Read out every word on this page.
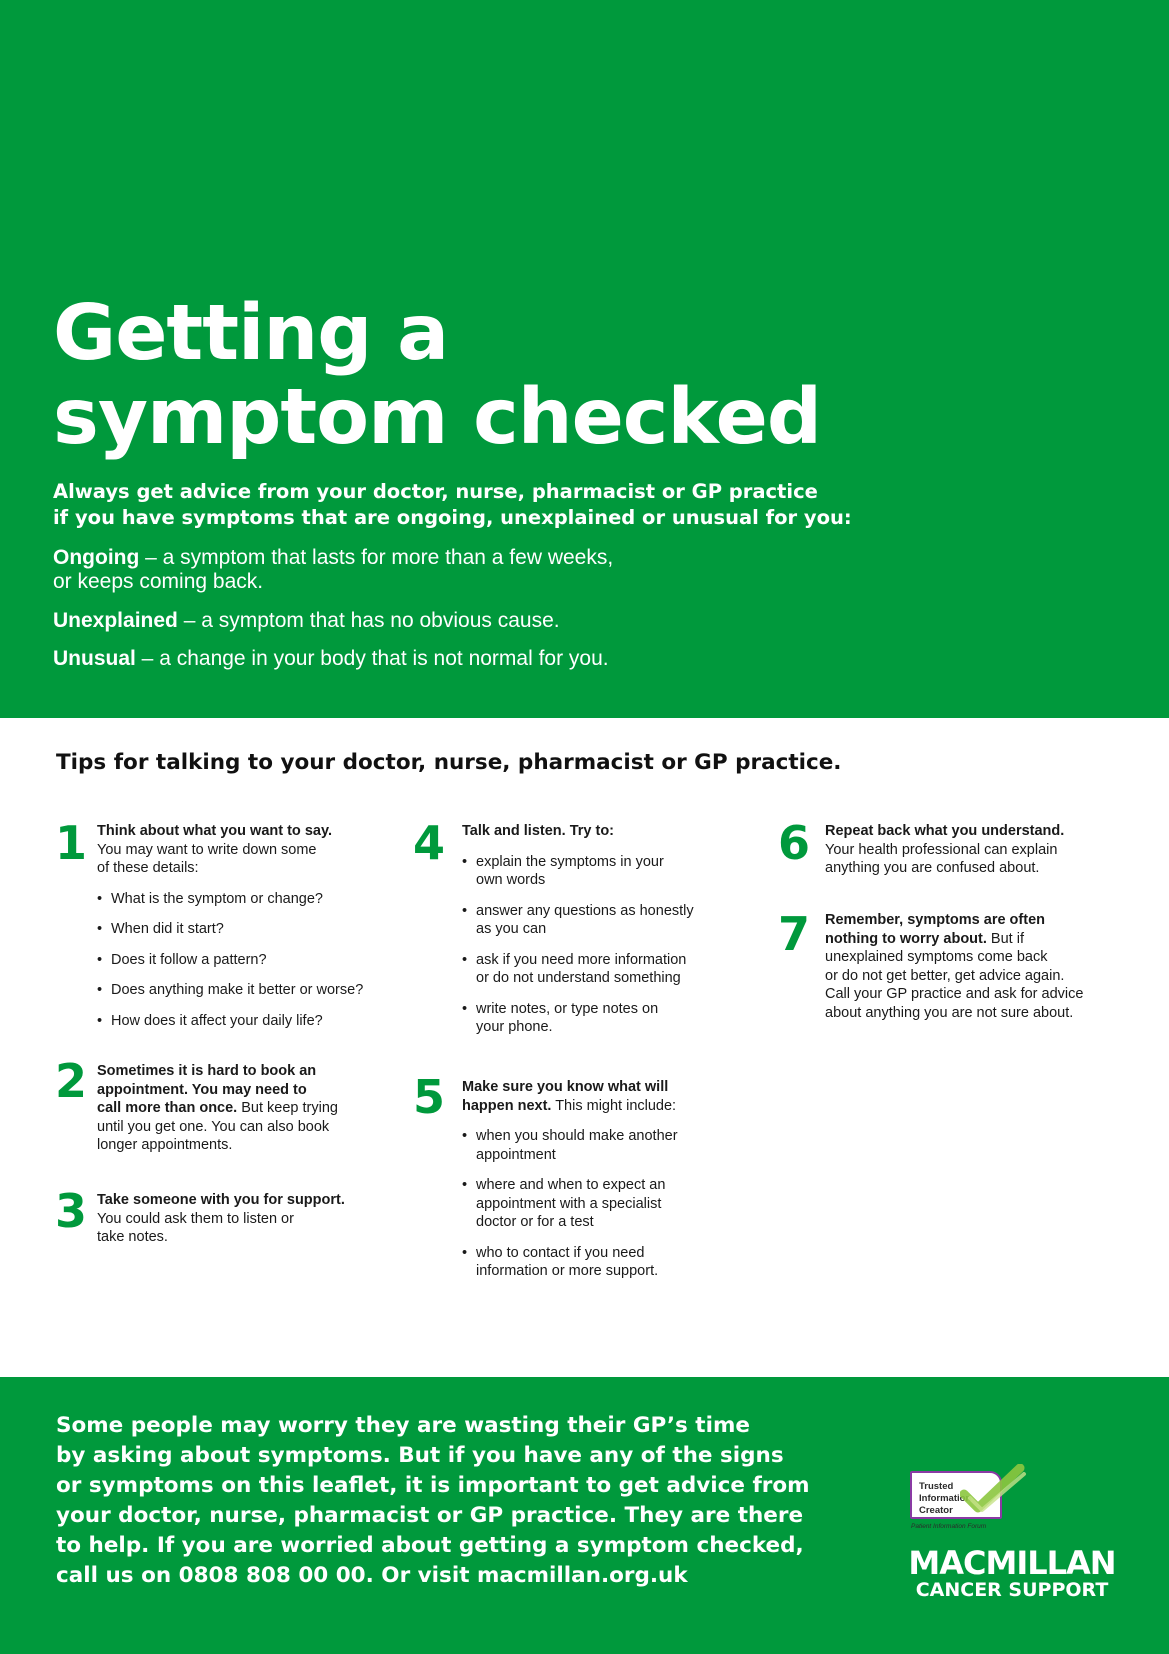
Getting a
symptom checked

Always get advice from your doctor, nurse, pharmacist or GP practice
if you have symptoms that are ongoing, unexplained or unusual for you:

Ongoing – a symptom that lasts for more than a few weeks,
or keeps coming back.

Unexplained – a symptom that has no obvious cause.

Unusual – a change in your body that is not normal for you.

Tips for talking to your doctor, nurse, pharmacist or GP practice.
1 Think about what you want to say.
You may want to write down some
of these details:
• What is the symptom or change?
• When did it start?
• Does it follow a pattern?
• Does anything make it better or worse?
• How does it affect your daily life?
2 Sometimes it is hard to book an
appointment. You may need to
call more than once. But keep trying
until you get one. You can also book
longer appointments.
3 Take someone with you for support.
You could ask them to listen or
take notes.
4 Talk and listen. Try to:
• explain the symptoms in your
own words
• answer any questions as honestly
as you can
• ask if you need more information
or do not understand something
• write notes, or type notes on
your phone.
5 Make sure you know what will
happen next. This might include:
• when you should make another
appointment
• where and when to expect an
appointment with a specialist
doctor or for a test
• who to contact if you need
information or more support.
6 Repeat back what you understand.
Your health professional can explain
anything you are confused about.
7 Remember, symptoms are often
nothing to worry about. But if
unexplained symptoms come back
or do not get better, get advice again.
Call your GP practice and ask for advice
about anything you are not sure about.

Some people may worry they are wasting their GP’s time
by asking about symptoms. But if you have any of the signs
or symptoms on this leaflet, it is important to get advice from
your doctor, nurse, pharmacist or GP practice. They are there
to help. If you are worried about getting a symptom checked,
call us on 0808 808 00 00. Or visit macmillan.org.uk

Trusted
Information
Creator
Patient Information Forum
MACMILLAN
CANCER SUPPORT
